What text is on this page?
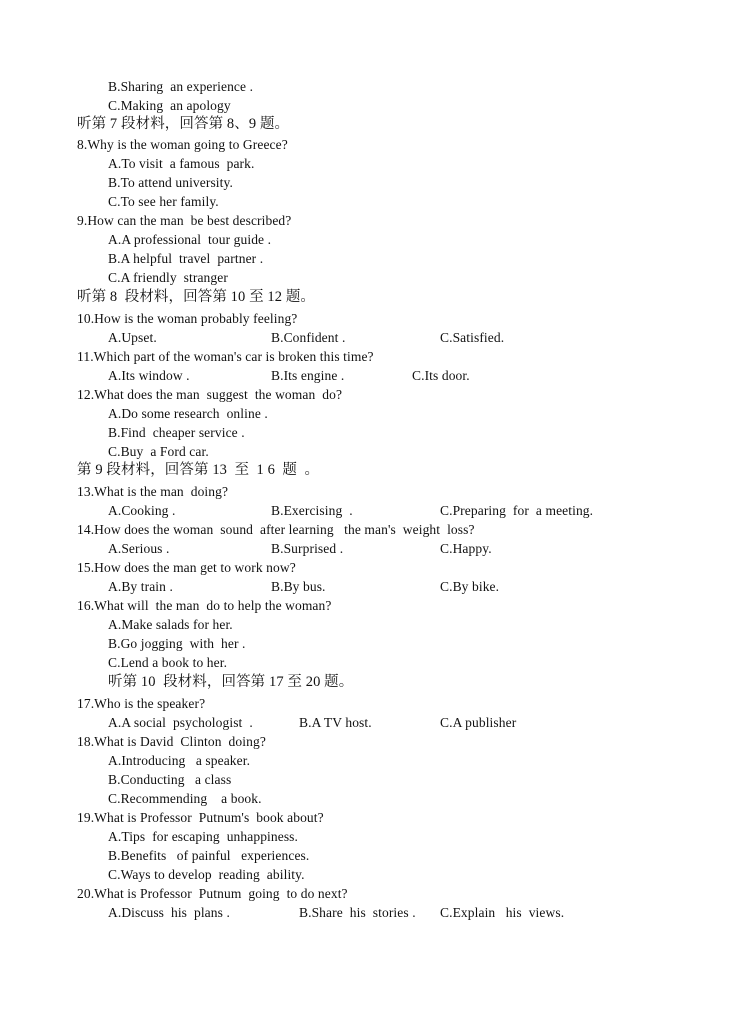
B.Sharing  an experience .
C.Making  an apology
听第 7 段材料，回答第 8、9 题。
8.Why is the woman going to Greece?
A.To visit  a famous  park.
B.To attend university.
C.To see her family.
9.How can the man  be best described?
A.A professional  tour guide .
B.A helpful  travel  partner .
C.A friendly  stranger
听第 8  段材料，回答第 10 至 12 题。
10.How is the woman probably feeling?
A.Upset.	B.Confident .	C.Satisfied.
11.Which part of the woman's car is broken this time?
A.Its window .	B.Its engine .	C.Its door.
12.What does the man  suggest  the woman  do?
A.Do some research  online .
B.Find  cheaper service .
C.Buy  a Ford car.
第 9 段材料，回答第 13  至  1 6  题  。
13.What is the man  doing?
A.Cooking .	B.Exercising  .	C.Preparing  for  a meeting.
14.How does the woman  sound  after learning   the man's  weight  loss?
A.Serious .	B.Surprised .	C.Happy.
15.How does the man get to work now?
A.By train .	B.By bus.	C.By bike.
16.What will  the man  do to help the woman?
A.Make salads for her.
B.Go jogging  with  her .
C.Lend a book to her.
听第 10  段材料，回答第 17 至 20 题。
17.Who is the speaker?
A.A social  psychologist  .	B.A TV host.	C.A publisher
18.What is David  Clinton  doing?
A.Introducing   a speaker.
B.Conducting   a class
C.Recommending    a book.
19.What is Professor  Putnum's  book about?
A.Tips  for escaping  unhappiness.
B.Benefits   of painful   experiences.
C.Ways to develop  reading  ability.
20.What is Professor  Putnum  going  to do next?
A.Discuss  his  plans .	B.Share  his  stories . C.Explain   his  views.
